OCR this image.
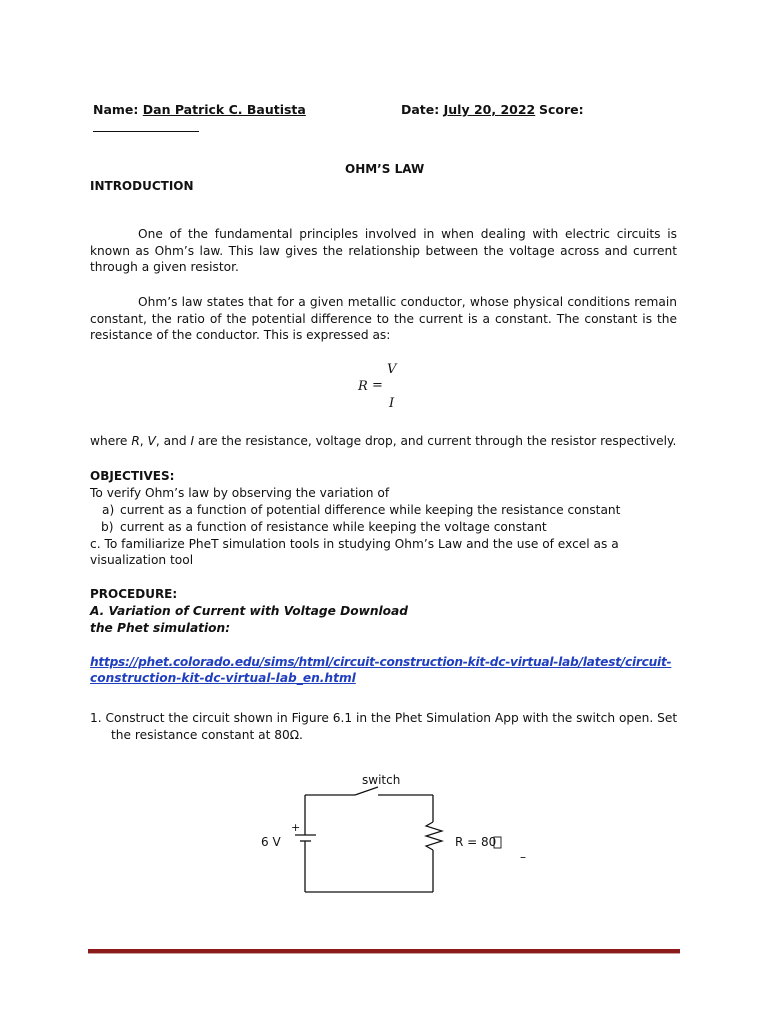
Name: Dan Patrick C. Bautista	Date: July 20, 2022 Score:
OHM’S LAW
INTRODUCTION
One of the fundamental principles involved in when dealing with electric circuits is known as Ohm’s law. This law gives the relationship between the voltage across and current through a given resistor.
Ohm’s law states that for a given metallic conductor, whose physical conditions remain constant, the ratio of the potential difference to the current is a constant. The constant is the resistance of the conductor. This is expressed as:
V
R =
I
where R, V, and I are the resistance, voltage drop, and current through the resistor respectively.
OBJECTIVES:
To verify Ohm’s law by observing the variation of
a) current as a function of potential difference while keeping the resistance constant
b) current as a function of resistance while keeping the voltage constant
c. To familiarize PheT simulation tools in studying Ohm’s Law and the use of excel as a
visualization tool
PROCEDURE:
A. Variation of Current with Voltage Download
the Phet simulation:
https://phet.colorado.edu/sims/html/circuit-construction-kit-dc-virtual-lab/latest/circuit-
construction-kit-dc-virtual-lab_en.html
1. Construct the circuit shown in Figure 6.1 in the Phet Simulation App with the switch open. Set
the resistance constant at 80Ω.
switch
+
6 V	R = 80
–
